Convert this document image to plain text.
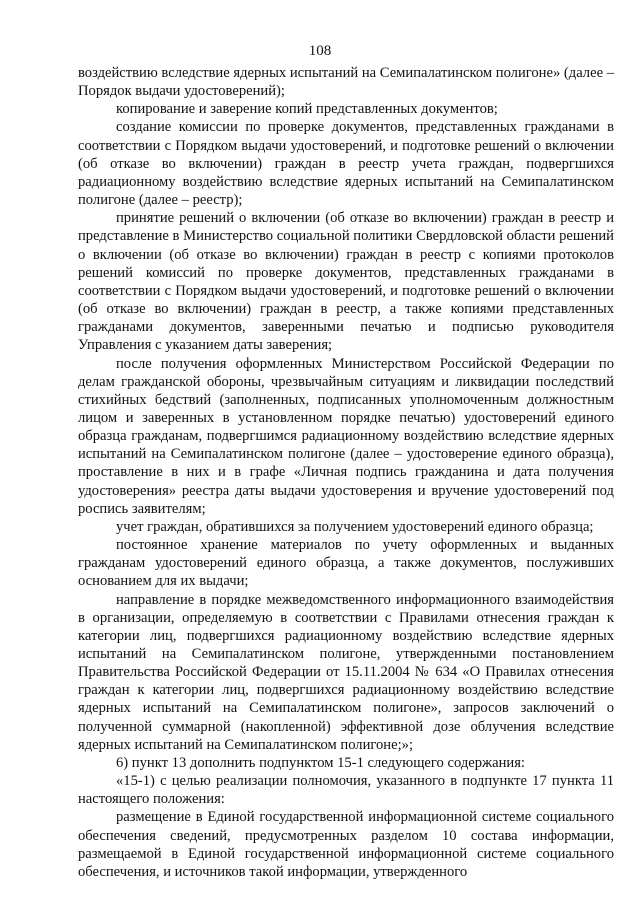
108

воздействию вследствие ядерных испытаний на Семипалатинском полигоне» (далее – Порядок выдачи удостоверений);

копирование и заверение копий представленных документов;

создание комиссии по проверке документов, представленных гражданами в соответствии с Порядком выдачи удостоверений, и подготовке решений о включении (об отказе во включении) граждан в реестр учета граждан, подвергшихся радиационному воздействию вследствие ядерных испытаний на Семипалатинском полигоне (далее – реестр);

принятие решений о включении (об отказе во включении) граждан в реестр и представление в Министерство социальной политики Свердловской области решений о включении (об отказе во включении) граждан в реестр с копиями протоколов решений комиссий по проверке документов, представленных гражданами в соответствии с Порядком выдачи удостоверений, и подготовке решений о включении (об отказе во включении) граждан в реестр, а также копиями представленных гражданами документов, заверенными печатью и подписью руководителя Управления с указанием даты заверения;

после получения оформленных Министерством Российской Федерации по делам гражданской обороны, чрезвычайным ситуациям и ликвидации последствий стихийных бедствий (заполненных, подписанных уполномоченным должностным лицом и заверенных в установленном порядке печатью) удостоверений единого образца гражданам, подвергшимся радиационному воздействию вследствие ядерных испытаний на Семипалатинском полигоне (далее – удостоверение единого образца), проставление в них и в графе «Личная подпись гражданина и дата получения удостоверения» реестра даты выдачи удостоверения и вручение удостоверений под роспись заявителям;

учет граждан, обратившихся за получением удостоверений единого образца;

постоянное хранение материалов по учету оформленных и выданных гражданам удостоверений единого образца, а также документов, послуживших основанием для их выдачи;

направление в порядке межведомственного информационного взаимодействия в организации, определяемую в соответствии с Правилами отнесения граждан к категории лиц, подвергшихся радиационному воздействию вследствие ядерных испытаний на Семипалатинском полигоне, утвержденными постановлением Правительства Российской Федерации от 15.11.2004 № 634 «О Правилах отнесения граждан к категории лиц, подвергшихся радиационному воздействию вследствие ядерных испытаний на Семипалатинском полигоне», запросов заключений о полученной суммарной (накопленной) эффективной дозе облучения вследствие ядерных испытаний на Семипалатинском полигоне;»;

6) пункт 13 дополнить подпунктом 15-1 следующего содержания:

«15-1) с целью реализации полномочия, указанного в подпункте 17 пункта 11 настоящего положения:

размещение в Единой государственной информационной системе социального обеспечения сведений, предусмотренных разделом 10 состава информации, размещаемой в Единой государственной информационной системе социального обеспечения, и источников такой информации, утвержденного
